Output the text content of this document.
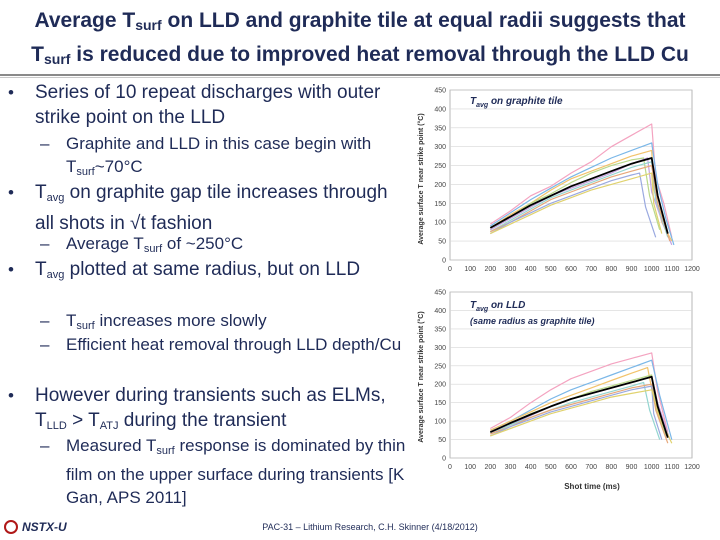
Average $T_{surf}$ on LLD and graphite tile at equal radii suggests that
$T_{surf}$ is reduced due to improved heat removal through the LLD Cu
• Series of 10 repeat discharges with outer strike point on the LLD
– Graphite and LLD in this case begin with $T_{surf}\sim 70^\circ C$
• $T_{avg}$ on graphite gap tile increases through all shots in √t fashion
– Average $T_{surf}$ of ~250°C
• $T_{avg}$ plotted at same radius, but on LLD
– $T_{surf}$ increases more slowly
– Efficient heat removal through LLD depth/Cu
• However during transients such as ELMs, $T_{LLD} > T_{ATJ}$ during the transient
– Measured $T_{surf}$ response is dominated by thin film on the upper surface during transients [K Gan, APS 2011]
0
50
100
150
200
250
300
350
400
450
0 100 200 300 400 500 600 700 800 900 1000 1100 1200
Average surface T near strike point (°C)
$T_{avg}$ on graphite tile
0
50
100
150
200
250
300
350
400
450
0 100 200 300 400 500 600 700 800 900 1000 1100 1200
Average surface T near strike point (°C)
$T_{avg}$ on LLD
(same radius as graphite tile)
Shot time (ms)
NSTX-U	PAC-31 – Lithium Research, C.H. Skinner (4/18/2012)
